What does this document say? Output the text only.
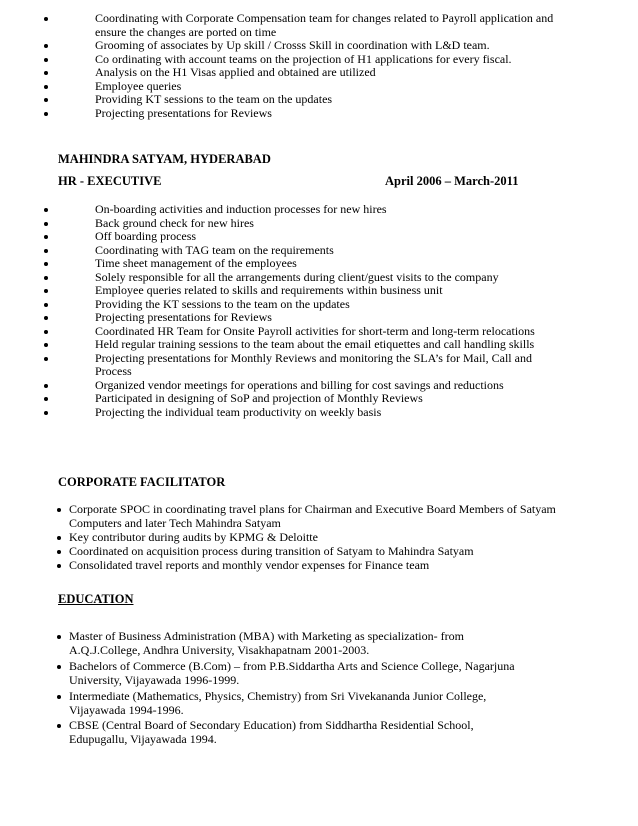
Coordinating with Corporate Compensation team for changes related to Payroll application and ensure the changes are ported on time
Grooming of associates by Up skill / Crosss Skill in coordination with L&D team.
Co ordinating with account teams on the projection of H1 applications for every fiscal.
Analysis on the H1 Visas applied and obtained are utilized
Employee queries
Providing KT sessions to the team on the updates
Projecting presentations for Reviews
MAHINDRA SATYAM, HYDERABAD
HR - EXECUTIVE	April 2006 – March-2011
On-boarding activities and induction processes for new hires
Back ground check for new hires
Off boarding process
Coordinating with TAG team on the requirements
Time sheet management of the employees
Solely responsible for all the arrangements during client/guest visits to the company
Employee queries related to skills and requirements within business unit
Providing the KT sessions to the team on the updates
Projecting presentations for Reviews
Coordinated HR Team for Onsite Payroll activities for short-term and long-term relocations
Held regular training sessions to the team about the email etiquettes and call handling skills
Projecting presentations for Monthly Reviews and monitoring the SLA’s for Mail, Call and Process
Organized vendor meetings for operations and billing for cost savings and reductions
Participated in designing of SoP and projection of Monthly Reviews
Projecting the individual team productivity on weekly basis
CORPORATE FACILITATOR
Corporate SPOC in coordinating travel plans for Chairman and Executive Board Members of Satyam Computers and later Tech Mahindra Satyam
Key contributor during audits by KPMG & Deloitte
Coordinated on acquisition process during transition of Satyam to Mahindra Satyam
Consolidated travel reports and monthly vendor expenses for Finance team
EDUCATION
Master of Business Administration (MBA) with Marketing as specialization- from A.Q.J.College, Andhra University, Visakhapatnam 2001-2003.
Bachelors of Commerce (B.Com) – from P.B.Siddartha Arts and Science College, Nagarjuna University, Vijayawada 1996-1999.
Intermediate (Mathematics, Physics, Chemistry) from Sri Vivekananda Junior College, Vijayawada 1994-1996.
CBSE (Central Board of Secondary Education) from Siddhartha Residential School, Edupugallu, Vijayawada 1994.
